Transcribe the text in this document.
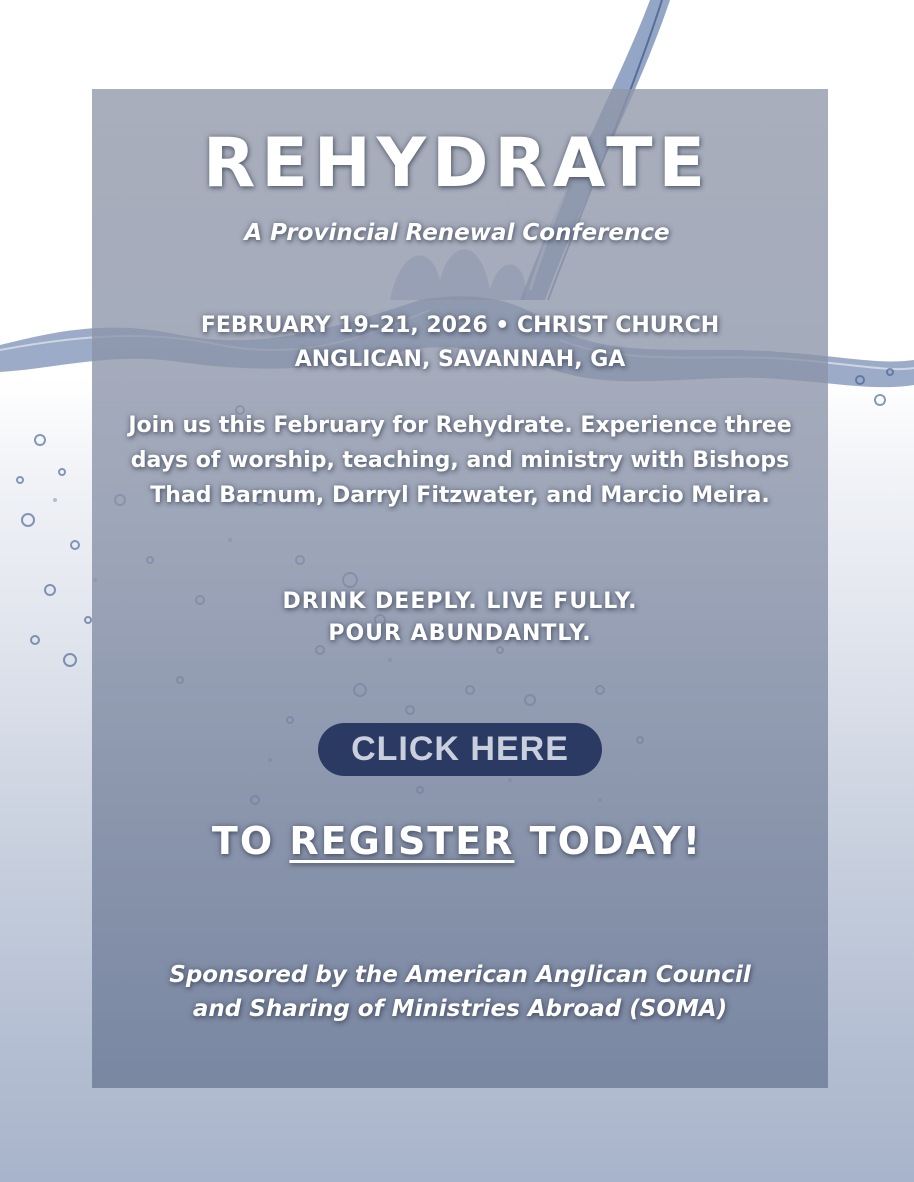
REHYDRATE
A Provincial Renewal Conference
FEBRUARY 19–21, 2026 • CHRIST CHURCH ANGLICAN, SAVANNAH, GA
Join us this February for Rehydrate. Experience three days of worship, teaching, and ministry with Bishops Thad Barnum, Darryl Fitzwater, and Marcio Meira.
DRINK DEEPLY. LIVE FULLY.
POUR ABUNDANTLY.
CLICK HERE
TO REGISTER TODAY!
Sponsored by the American Anglican Council
and Sharing of Ministries Abroad (SOMA)
